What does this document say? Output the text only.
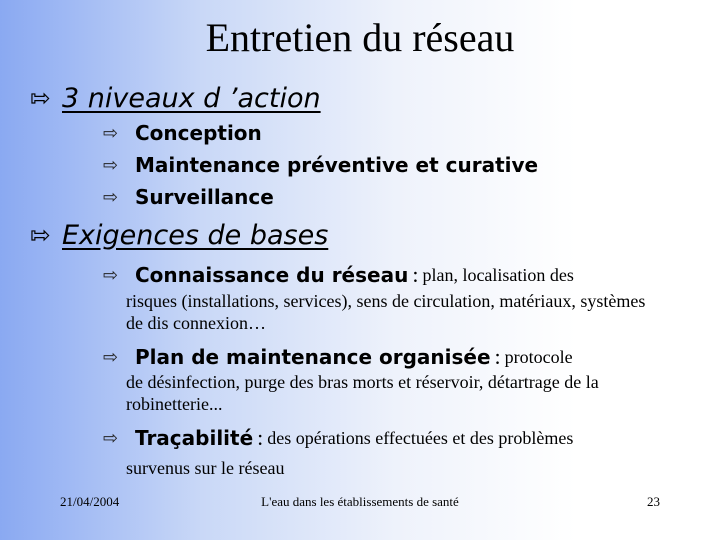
Entretien du réseau
⇰ 3 niveaux d ’action
⇨ Conception
⇨ Maintenance préventive et curative
⇨ Surveillance
⇰ Exigences de bases
⇨ Connaissance du réseau : plan, localisation des
risques (installations, services), sens de circulation, matériaux, systèmes de dis connexion…
⇨ Plan de maintenance organisée : protocole
de désinfection, purge des bras morts et réservoir, détartrage de la robinetterie...
⇨ Traçabilité : des opérations effectuées et des problèmes
survenus sur le réseau
21/04/2004	L'eau dans les établissements de santé	23
